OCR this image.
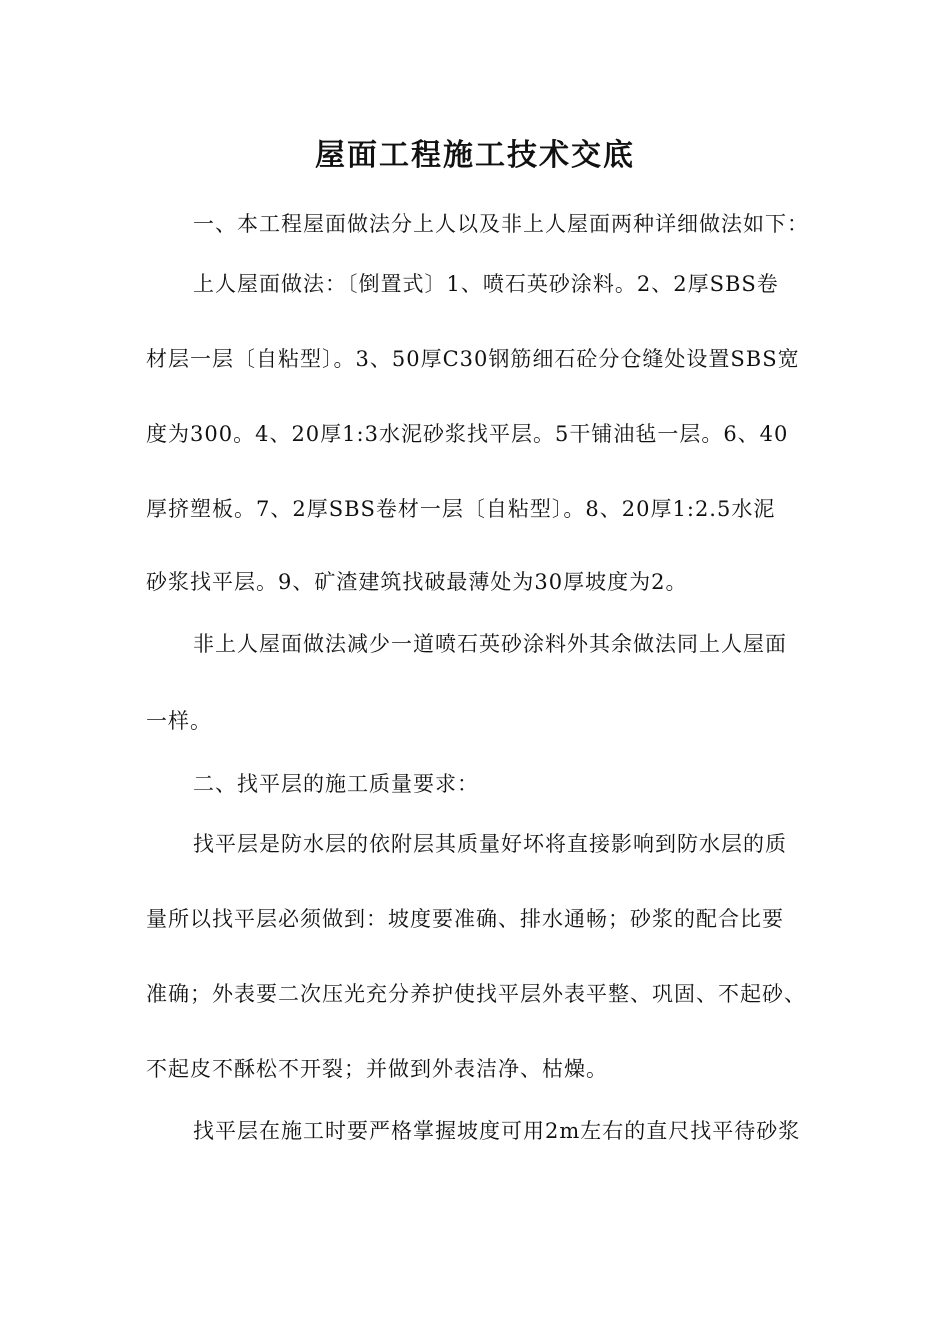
屋面工程施工技术交底
一、本工程屋面做法分上人以及非上人屋面两种详细做法如下：
上人屋面做法：〔倒置式〕1、喷石英砂涂料。2、2厚SBS卷
材层一层〔自粘型〕。3、50厚C30钢筋细石砼分仓缝处设置SBS宽
度为300。4、20厚1:3水泥砂浆找平层。5干铺油毡一层。6、40
厚挤塑板。7、2厚SBS卷材一层〔自粘型〕。8、20厚1:2.5水泥
砂浆找平层。9、矿渣建筑找破最薄处为30厚坡度为2。
非上人屋面做法减少一道喷石英砂涂料外其余做法同上人屋面
一样。
二、找平层的施工质量要求：
找平层是防水层的依附层其质量好坏将直接影响到防水层的质
量所以找平层必须做到：坡度要准确、排水通畅；砂浆的配合比要
准确；外表要二次压光充分养护使找平层外表平整、巩固、不起砂、
不起皮不酥松不开裂；并做到外表洁净、枯燥。
找平层在施工时要严格掌握坡度可用2m左右的直尺找平待砂浆
